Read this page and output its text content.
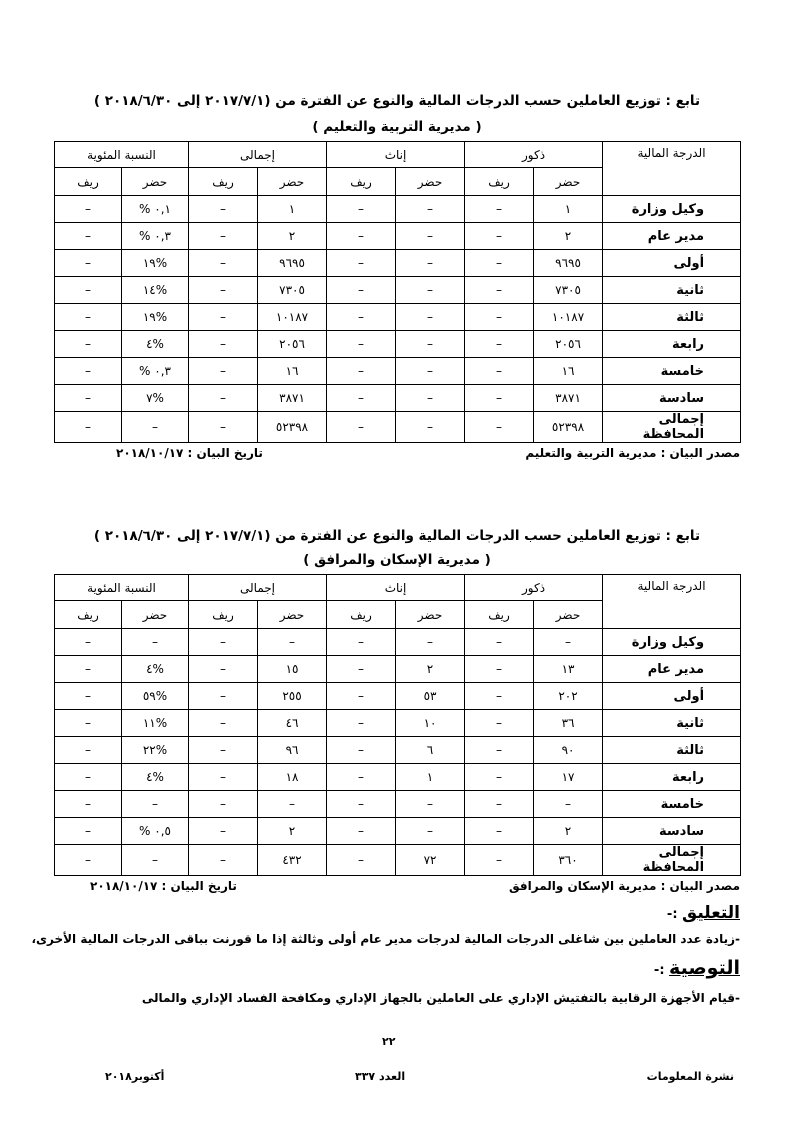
تابع : توزيع العاملين حسب الدرجات المالية والنوع عن الفترة من (٢٠١٧/٧/١ إلى ٢٠١٨/٦/٣٠ )
( مديرية التربية والتعليم )
الدرجة المالية	ذكور		إناث		إجمالى		النسبة المئوية	
	حضر	ريف	حضر	ريف	حضر	ريف	حضر	ريف
وكيل وزارة	١	–	–	–	١	–	٠,١ %	–
مدير عام	٢	–	–	–	٢	–	٠,٣ %	–
أولى	٩٦٩٥	–	–	–	٩٦٩٥	–	%١٩	–
ثانية	٧٣٠٥	–	–	–	٧٣٠٥	–	%١٤	–
ثالثة	١٠١٨٧	–	–	–	١٠١٨٧	–	%١٩	–
رابعة	٢٠٥٦	–	–	–	٢٠٥٦	–	%٤	–
خامسة	١٦	–	–	–	١٦	–	٠,٣ %	–
سادسة	٣٨٧١	–	–	–	٣٨٧١	–	%٧	–
إجمالى المحافظة	٥٢٣٩٨	–	–	–	٥٢٣٩٨	–	–	–
مصدر البيان : مديرية التربية والتعليم
تاريخ البيان : ٢٠١٨/١٠/١٧
تابع : توزيع العاملين حسب الدرجات المالية والنوع عن الفترة من (٢٠١٧/٧/١ إلى ٢٠١٨/٦/٣٠ )
( مديرية الإسكان والمرافق )
الدرجة المالية	ذكور		إناث		إجمالى		النسبة المئوية	
	حضر	ريف	حضر	ريف	حضر	ريف	حضر	ريف
وكيل وزارة	–	–	–	–	–	–	–	–
مدير عام	١٣	–	٢	–	١٥	–	%٤	–
أولى	٢٠٢	–	٥٣	–	٢٥٥	–	%٥٩	–
ثانية	٣٦	–	١٠	–	٤٦	–	%١١	–
ثالثة	٩٠	–	٦	–	٩٦	–	%٢٢	–
رابعة	١٧	–	١	–	١٨	–	%٤	–
خامسة	–	–	–	–	–	–	–	–
سادسة	٢	–	–	–	٢	–	٠,٥ %	–
إجمالى المحافظة	٣٦٠	–	٧٢	–	٤٣٢	–	–	–
مصدر البيان : مديرية الإسكان والمرافق
تاريخ البيان : ٢٠١٨/١٠/١٧
التعليق :-
-زيادة عدد العاملين بين شاغلى الدرجات المالية لدرجات مدير عام أولى وثالثة إذا ما قورنت بباقى الدرجات المالية الأخرى،
التوصية :-
-قيام الأجهزة الرقابية بالتفتيش الإداري على العاملين بالجهاز الإداري ومكافحة الفساد الإداري والمالى
٢٢
نشرة المعلومات
العدد ٣٣٧
أكتوبر٢٠١٨
